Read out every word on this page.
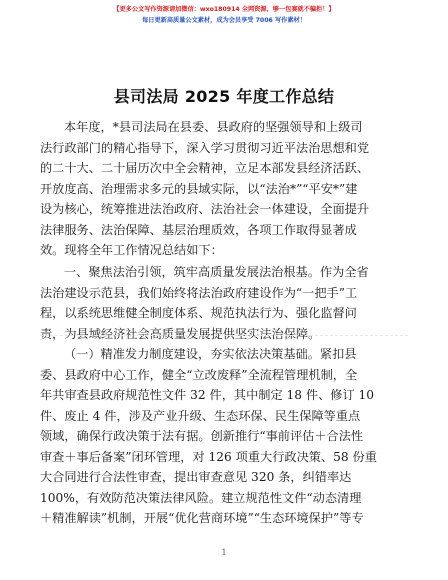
【更多公文写作资源请加微信：wxo180914 全网资源，够一包赛就不骗拒！】
每日更新高质量公文素材，成为会员享受 7006 写作素材！
县司法局 2025 年度工作总结
本年度，*县司法局在县委、县政府的坚强领导和上级司
法行政部门的精心指导下，深入学习贯彻习近平法治思想和党
的二十大、二十届历次中全会精神，立足本部发县经济活跃、
开放度高、治理需求多元的县域实际，以“法治*”“平安*”建
设为核心，统筹推进法治政府、法治社会一体建设，全面提升
法律服务、法治保障、基层治理质效，各项工作取得显著成
效。现将全年工作情况总结如下：
一、聚焦法治引领，筑牢高质量发展法治根基。作为全省
法治建设示范县，我们始终将法治政府建设作为“一把手”工
程，以系统思维健全制度体系、规范执法行为、强化监督问
责，为县域经济社会高质量发展提供坚实法治保障。
（一）精准发力制度建设，夯实依法决策基础。紧扣县
委、县政府中心工作，健全“立改废释”全流程管理机制，全
年共审查县政府规范性文件 32 件，其中制定 18 件、修订 10
件、废止 4 件，涉及产业升级、生态环保、民生保障等重点
领域，确保行政决策于法有据。创新推行“事前评估＋合法性
审查＋事后备案”闭环管理，对 126 项重大行政决策、58 份重
大合同进行合法性审查，提出审查意见 320 条，纠错率达
100%，有效防范决策法律风险。建立规范性文件“动态清理
＋精准解读”机制，开展“优化营商环境”“生态环境保护”等专
1
